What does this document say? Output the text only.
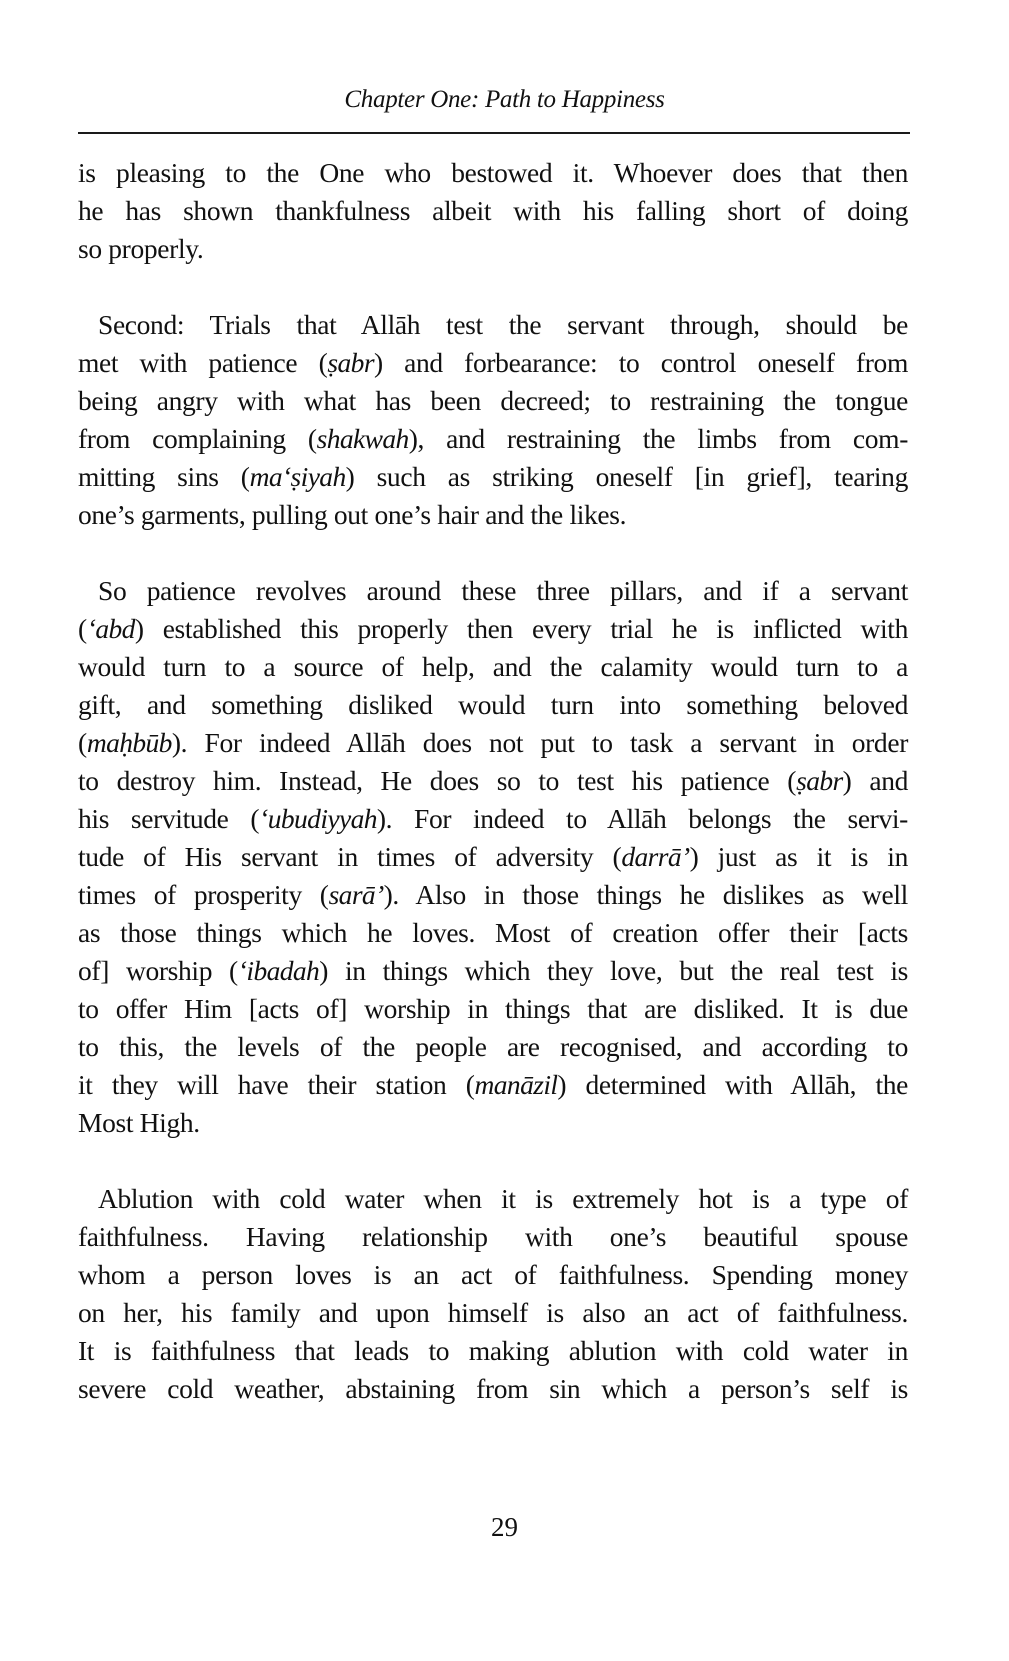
Chapter One: Path to Happiness
is pleasing to the One who bestowed it. Whoever does that then
he has shown thankfulness albeit with his falling short of doing
so properly.
Second: Trials that Allāh test the servant through, should be
met with patience (ṣabr) and forbearance: to control oneself from
being angry with what has been decreed; to restraining the tongue
from complaining (shakwah), and restraining the limbs from com-
mitting sins (ma‘ṣiyah) such as striking oneself [in grief], tearing
one’s garments, pulling out one’s hair and the likes.
So patience revolves around these three pillars, and if a servant
(‘abd) established this properly then every trial he is inflicted with
would turn to a source of help, and the calamity would turn to a
gift, and something disliked would turn into something beloved
(maḥbūb). For indeed Allāh does not put to task a servant in order
to destroy him. Instead, He does so to test his patience (ṣabr) and
his servitude (‘ubudiyyah). For indeed to Allāh belongs the servi-
tude of His servant in times of adversity (darrā’) just as it is in
times of prosperity (sarā’). Also in those things he dislikes as well
as those things which he loves. Most of creation offer their [acts
of] worship (‘ibadah) in things which they love, but the real test is
to offer Him [acts of] worship in things that are disliked. It is due
to this, the levels of the people are recognised, and according to
it they will have their station (manāzil) determined with Allāh, the
Most High.
Ablution with cold water when it is extremely hot is a type of
faithfulness. Having relationship with one’s beautiful spouse
whom a person loves is an act of faithfulness. Spending money
on her, his family and upon himself is also an act of faithfulness.
It is faithfulness that leads to making ablution with cold water in
severe cold weather, abstaining from sin which a person’s self is
29
